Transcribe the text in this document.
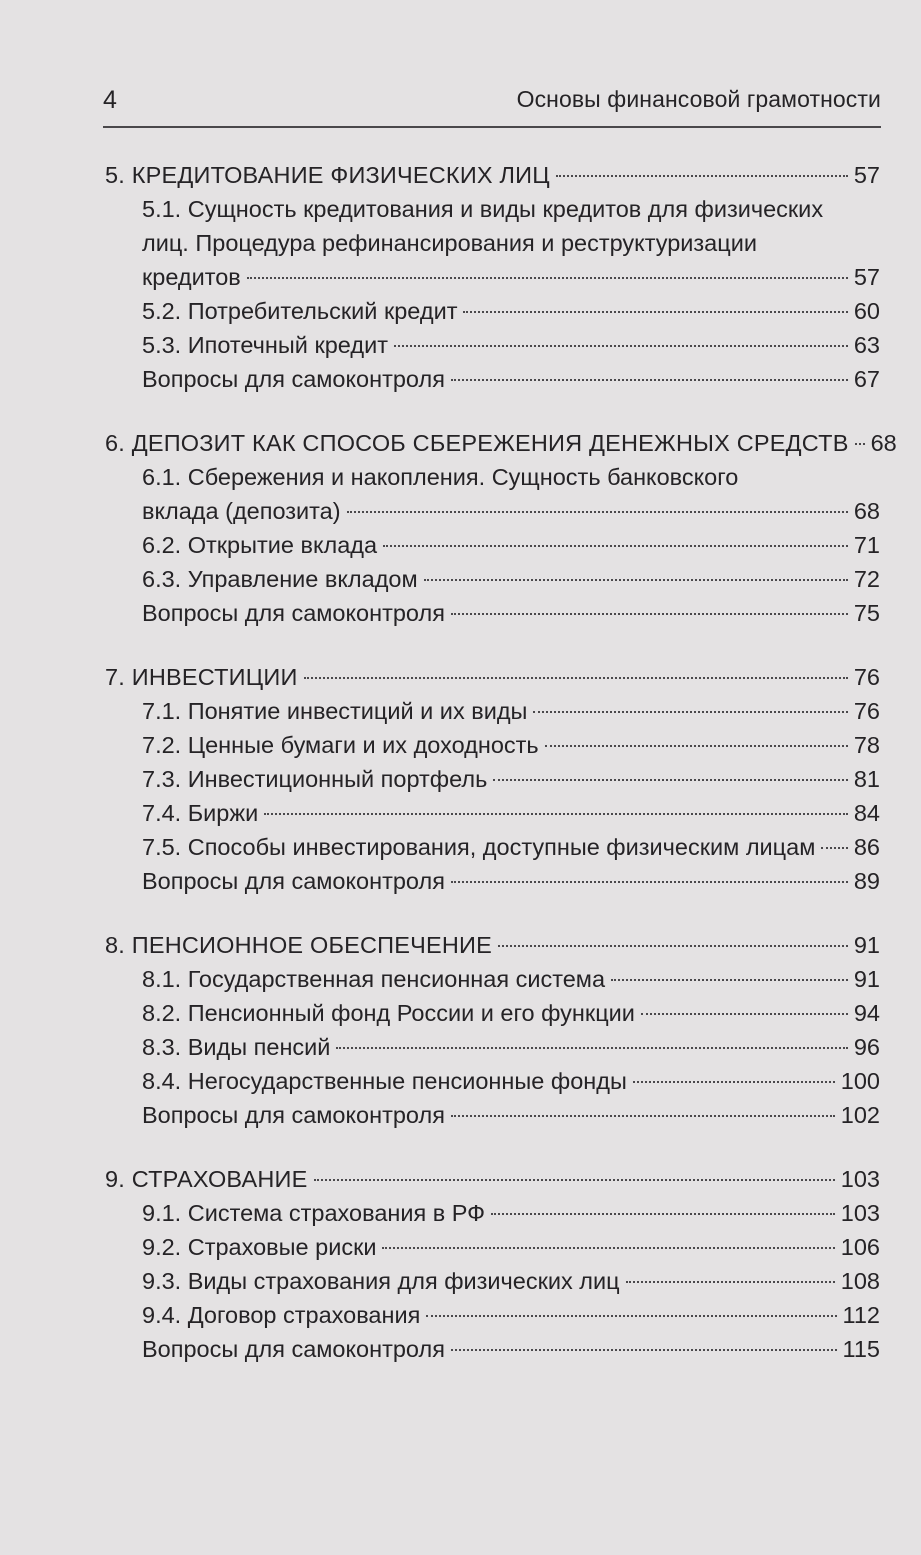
4	Основы финансовой грамотности
5. КРЕДИТОВАНИЕ ФИЗИЧЕСКИХ ЛИЦ	57
5.1. Сущность кредитования и виды кредитов для физических
лиц. Процедура рефинансирования и реструктуризации
кредитов	57
5.2. Потребительский кредит	60
5.3. Ипотечный кредит	63
Вопросы для самоконтроля	67
6. ДЕПОЗИТ КАК СПОСОБ СБЕРЕЖЕНИЯ ДЕНЕЖНЫХ СРЕДСТВ 68
6.1. Сбережения и накопления. Сущность банковского
вклада (депозита)	68
6.2. Открытие вклада	71
6.3. Управление вкладом	72
Вопросы для самоконтроля	75
7. ИНВЕСТИЦИИ	76
7.1. Понятие инвестиций и их виды	76
7.2. Ценные бумаги и их доходность	78
7.3. Инвестиционный портфель	81
7.4. Биржи	84
7.5. Способы инвестирования, доступные физическим лицам 86
Вопросы для самоконтроля	89
8. ПЕНСИОННОЕ ОБЕСПЕЧЕНИЕ	91
8.1. Государственная пенсионная система	91
8.2. Пенсионный фонд России и его функции	94
8.3. Виды пенсий	96
8.4. Негосударственные пенсионные фонды	100
Вопросы для самоконтроля	102
9. СТРАХОВАНИЕ	103
9.1. Система страхования в РФ	103
9.2. Страховые риски	106
9.3. Виды страхования для физических лиц	108
9.4. Договор страхования	112
Вопросы для самоконтроля	115
